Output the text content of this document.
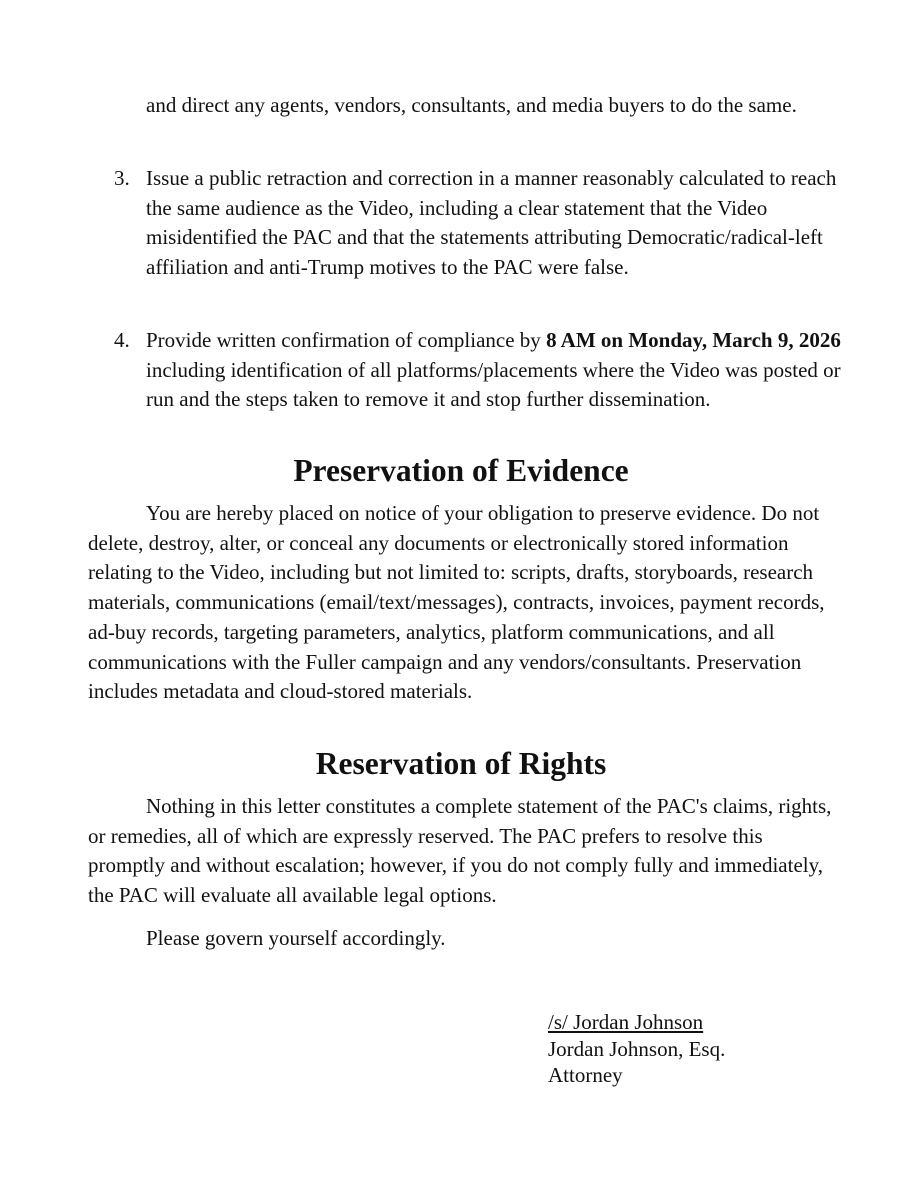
and direct any agents, vendors, consultants, and media buyers to do the same.

3. Issue a public retraction and correction in a manner reasonably calculated to reach the same audience as the Video, including a clear statement that the Video misidentified the PAC and that the statements attributing Democratic/radical-left affiliation and anti-Trump motives to the PAC were false.
4. Provide written confirmation of compliance by 8 AM on Monday, March 9, 2026 including identification of all platforms/placements where the Video was posted or run and the steps taken to remove it and stop further dissemination.
Preservation of Evidence

You are hereby placed on notice of your obligation to preserve evidence. Do not delete, destroy, alter, or conceal any documents or electronically stored information relating to the Video, including but not limited to: scripts, drafts, storyboards, research materials, communications (email/text/messages), contracts, invoices, payment records, ad-buy records, targeting parameters, analytics, platform communications, and all communications with the Fuller campaign and any vendors/consultants. Preservation includes metadata and cloud-stored materials.

Reservation of Rights

Nothing in this letter constitutes a complete statement of the PAC's claims, rights, or remedies, all of which are expressly reserved. The PAC prefers to resolve this promptly and without escalation; however, if you do not comply fully and immediately, the PAC will evaluate all available legal options.

Please govern yourself accordingly.

/s/ Jordan Johnson

Jordan Johnson, Esq.

Attorney
